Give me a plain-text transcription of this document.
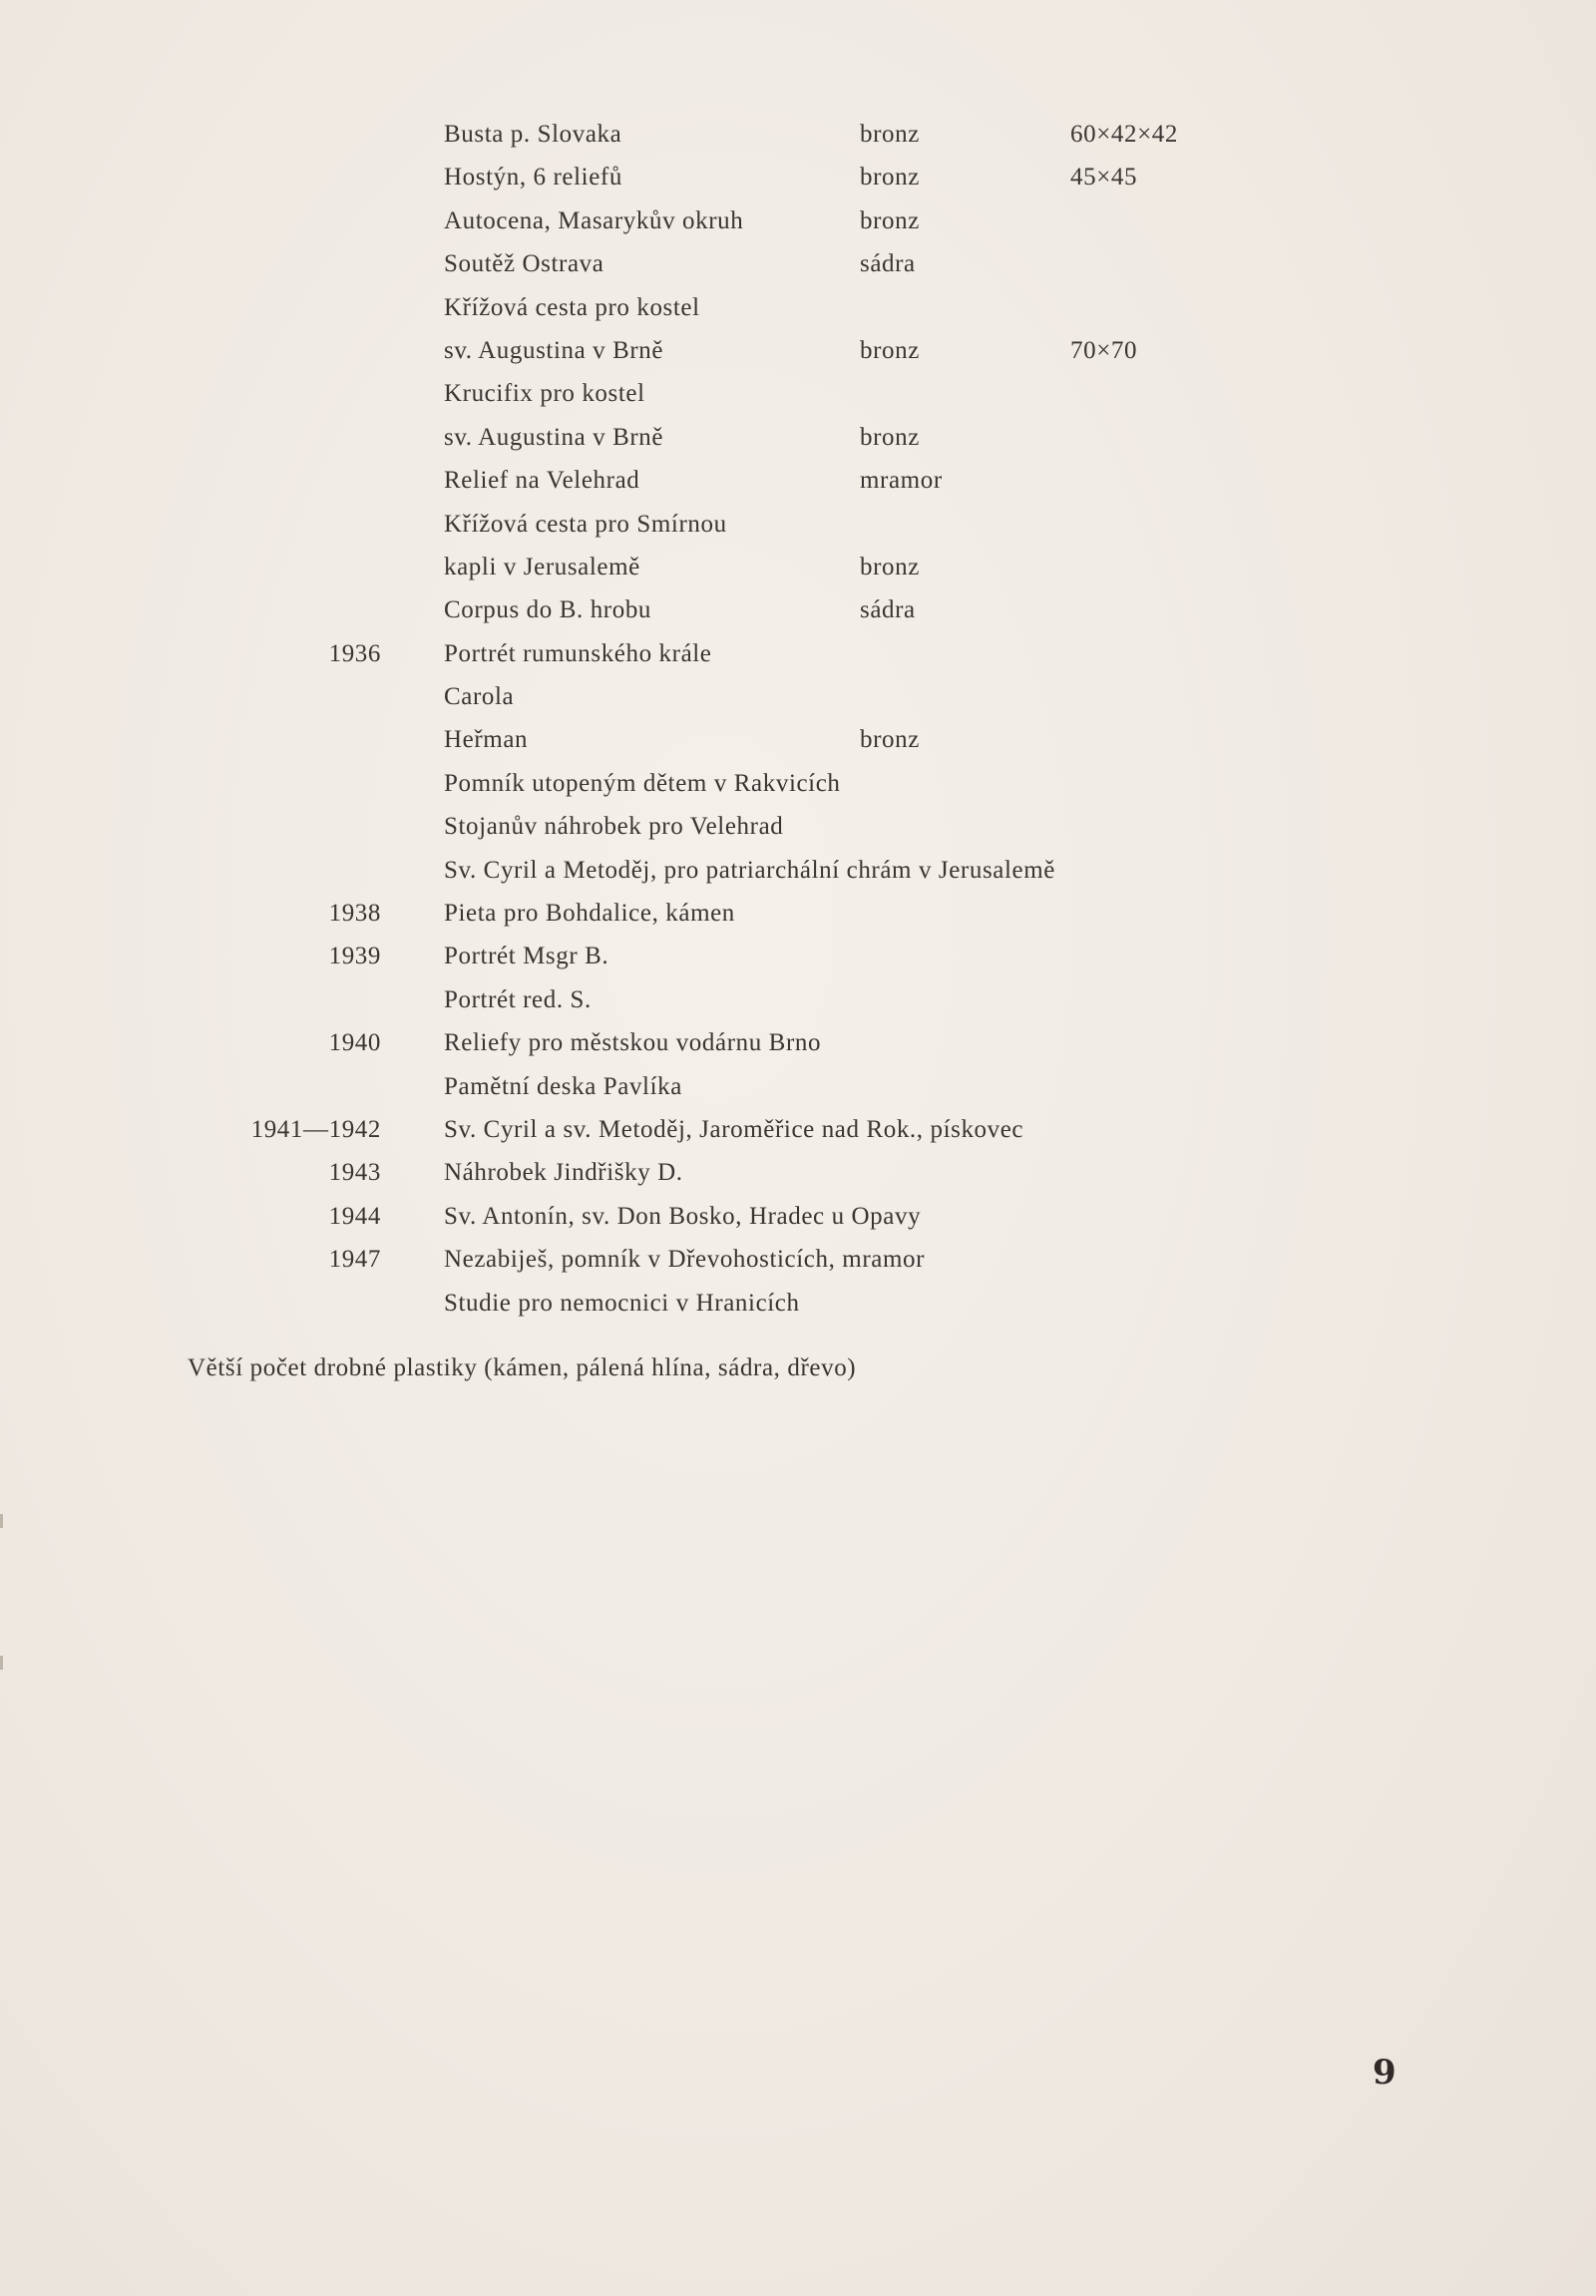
Busta p. Slovaka	bronz	60×42×42
Hostýn, 6 reliefů	bronz	45×45
Autocena, Masarykův okruh	bronz
Soutěž Ostrava	sádra
Křížová cesta pro kostel
sv. Augustina v Brně	bronz	70×70
Krucifix pro kostel
sv. Augustina v Brně	bronz
Relief na Velehrad	mramor
Křížová cesta pro Smírnou
kapli v Jerusalemě	bronz
Corpus do B. hrobu	sádra
1936	Portrét rumunského krále
Carola
Heřman	bronz
Pomník utopeným dětem v Rakvicích
Stojanův náhrobek pro Velehrad
Sv. Cyril a Metoděj, pro patriarchální chrám v Jerusalemě
1938	Pieta pro Bohdalice, kámen
1939	Portrét Msgr B.
Portrét red. S.
1940	Reliefy pro městskou vodárnu Brno
Pamětní deska Pavlíka
1941—1942	Sv. Cyril a sv. Metoděj, Jaroměřice nad Rok., pískovec
1943	Náhrobek Jindřišky D.
1944	Sv. Antonín, sv. Don Bosko, Hradec u Opavy
1947	Nezabiješ, pomník v Dřevohosticích, mramor
Studie pro nemocnici v Hranicích
Větší počet drobné plastiky (kámen, pálená hlína, sádra, dřevo)
9
